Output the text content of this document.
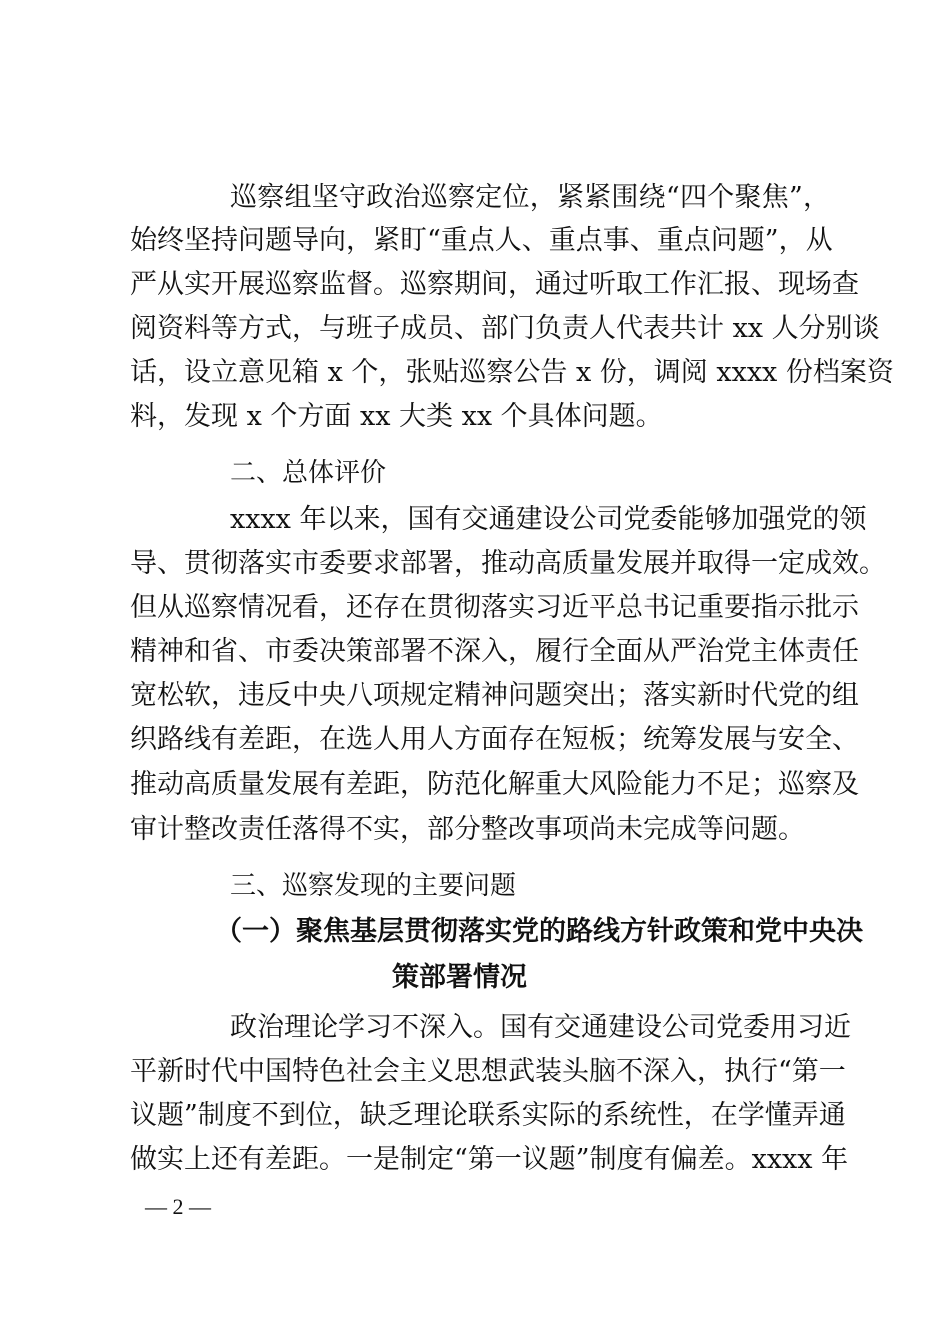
巡察组坚守政治巡察定位，紧紧围绕“四个聚焦”，
始终坚持问题导向，紧盯“重点人、重点事、重点问题”，从
严从实开展巡察监督。巡察期间，通过听取工作汇报、现场查
阅资料等方式，与班子成员、部门负责人代表共计 xx 人分别谈
话，设立意见箱 x 个，张贴巡察公告 x 份，调阅 xxxx 份档案资
料，发现 x 个方面 xx 大类 xx 个具体问题。
二、总体评价
xxxx 年以来，国有交通建设公司党委能够加强党的领
导、贯彻落实市委要求部署，推动高质量发展并取得一定成效。
但从巡察情况看，还存在贯彻落实习近平总书记重要指示批示
精神和省、市委决策部署不深入，履行全面从严治党主体责任
宽松软，违反中央八项规定精神问题突出；落实新时代党的组
织路线有差距，在选人用人方面存在短板；统筹发展与安全、
推动高质量发展有差距，防范化解重大风险能力不足；巡察及
审计整改责任落得不实，部分整改事项尚未完成等问题。
三、巡察发现的主要问题
（一）聚焦基层贯彻落实党的路线方针政策和党中央决
策部署情况
政治理论学习不深入。国有交通建设公司党委用习近
平新时代中国特色社会主义思想武装头脑不深入，执行“第一
议题”制度不到位，缺乏理论联系实际的系统性，在学懂弄通
做实上还有差距。一是制定“第一议题”制度有偏差。xxxx 年
— 2 —
